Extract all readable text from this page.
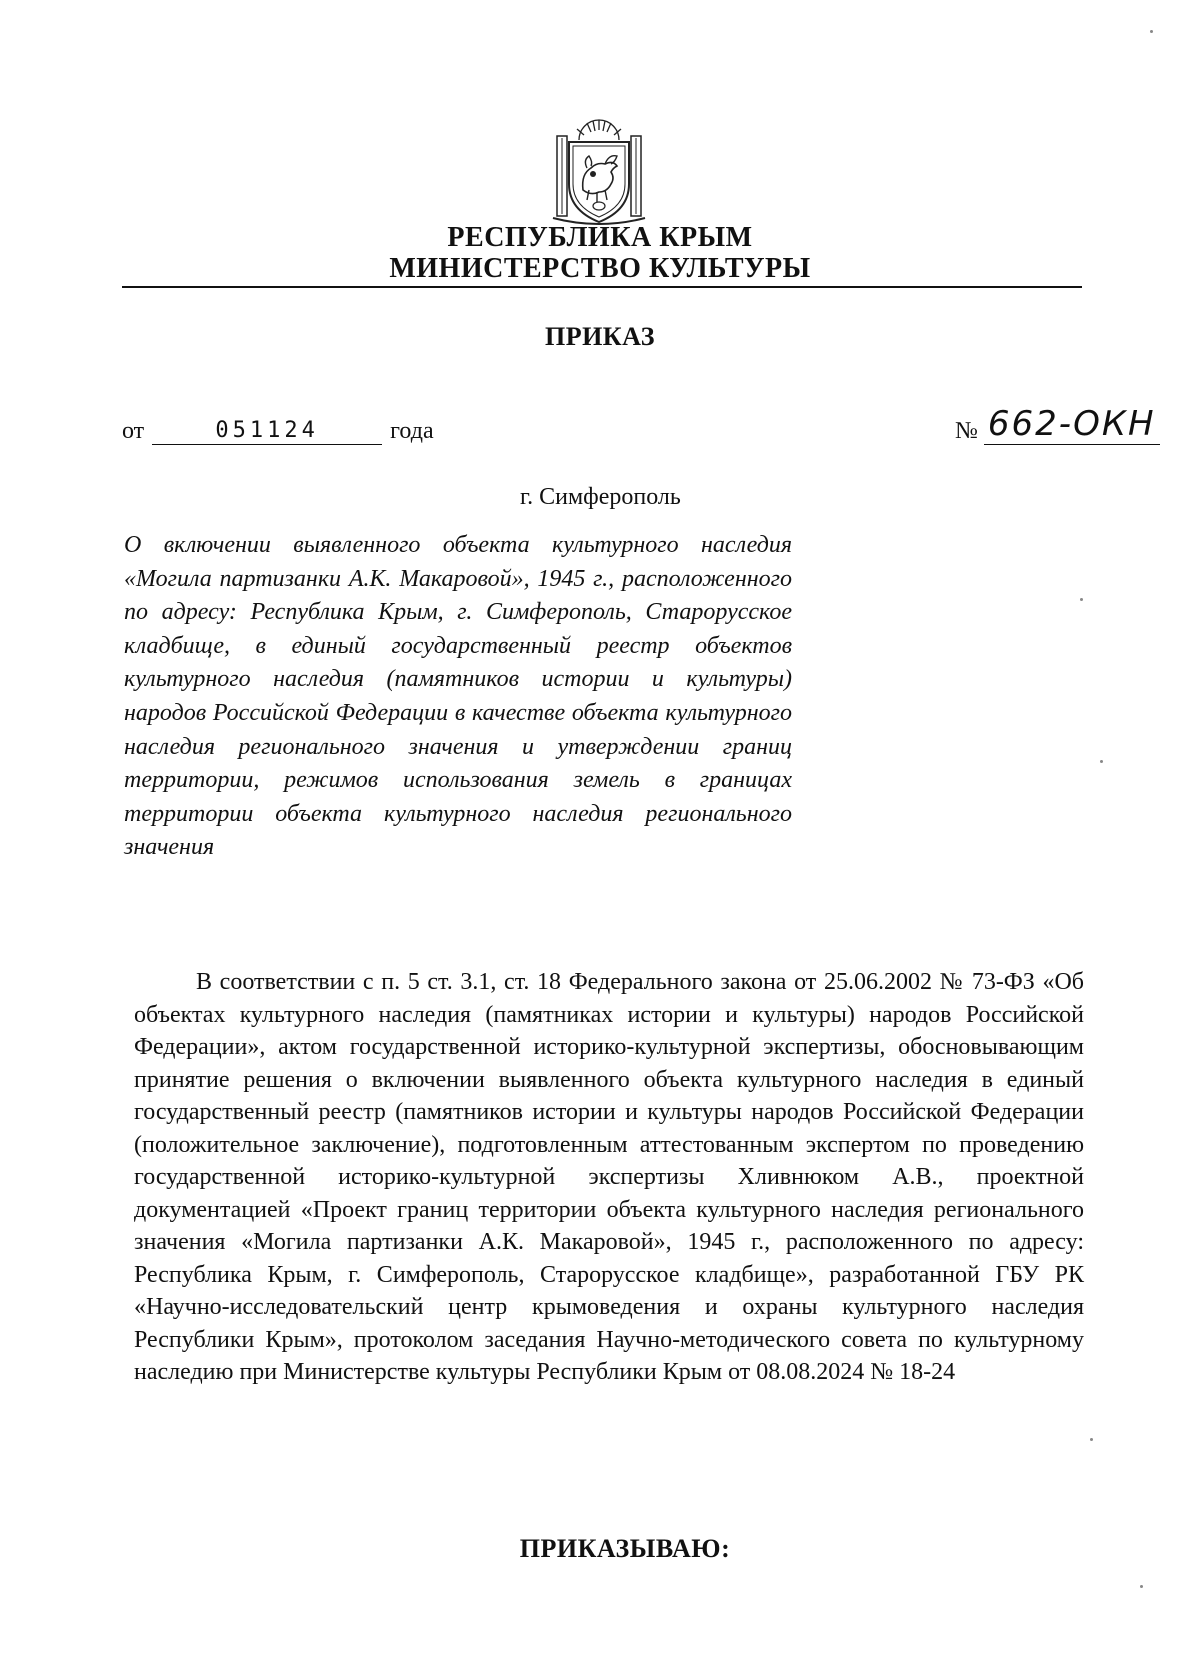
РЕСПУБЛИКА КРЫМ
МИНИСТЕРСТВО КУЛЬТУРЫ
ПРИКАЗ
от	051124	года	№ 662-ОКН
г. Симферополь
О включении выявленного объекта культурного наследия «Могила партизанки А.К. Макаровой», 1945 г., расположенного по адресу: Республика Крым, г. Симферополь, Старорусское кладбище, в единый государственный реестр объектов культурного наследия (памятников истории и культуры) народов Российской Федерации в качестве объекта культурного наследия регионального значения и утверждении границ территории, режимов использования земель в границах территории объекта культурного наследия регионального значения
В соответствии с п. 5 ст. 3.1, ст. 18 Федерального закона от 25.06.2002 № 73-ФЗ «Об объектах культурного наследия (памятниках истории и культуры) народов Российской Федерации», актом государственной историко-культурной экспертизы, обосновывающим принятие решения о включении выявленного объекта культурного наследия в единый государственный реестр (памятников истории и культуры народов Российской Федерации (положительное заключение), подготовленным аттестованным экспертом по проведению государственной историко-культурной экспертизы Хливнюком А.В., проектной документацией «Проект границ территории объекта культурного наследия регионального значения «Могила партизанки А.К. Макаровой», 1945 г., расположенного по адресу: Республика Крым, г. Симферополь, Старорусское кладбище», разработанной ГБУ РК «Научно-исследовательский центр крымоведения и охраны культурного наследия Республики Крым», протоколом заседания Научно-методического совета по культурному наследию при Министерстве культуры Республики Крым от 08.08.2024 № 18-24
ПРИКАЗЫВАЮ:
